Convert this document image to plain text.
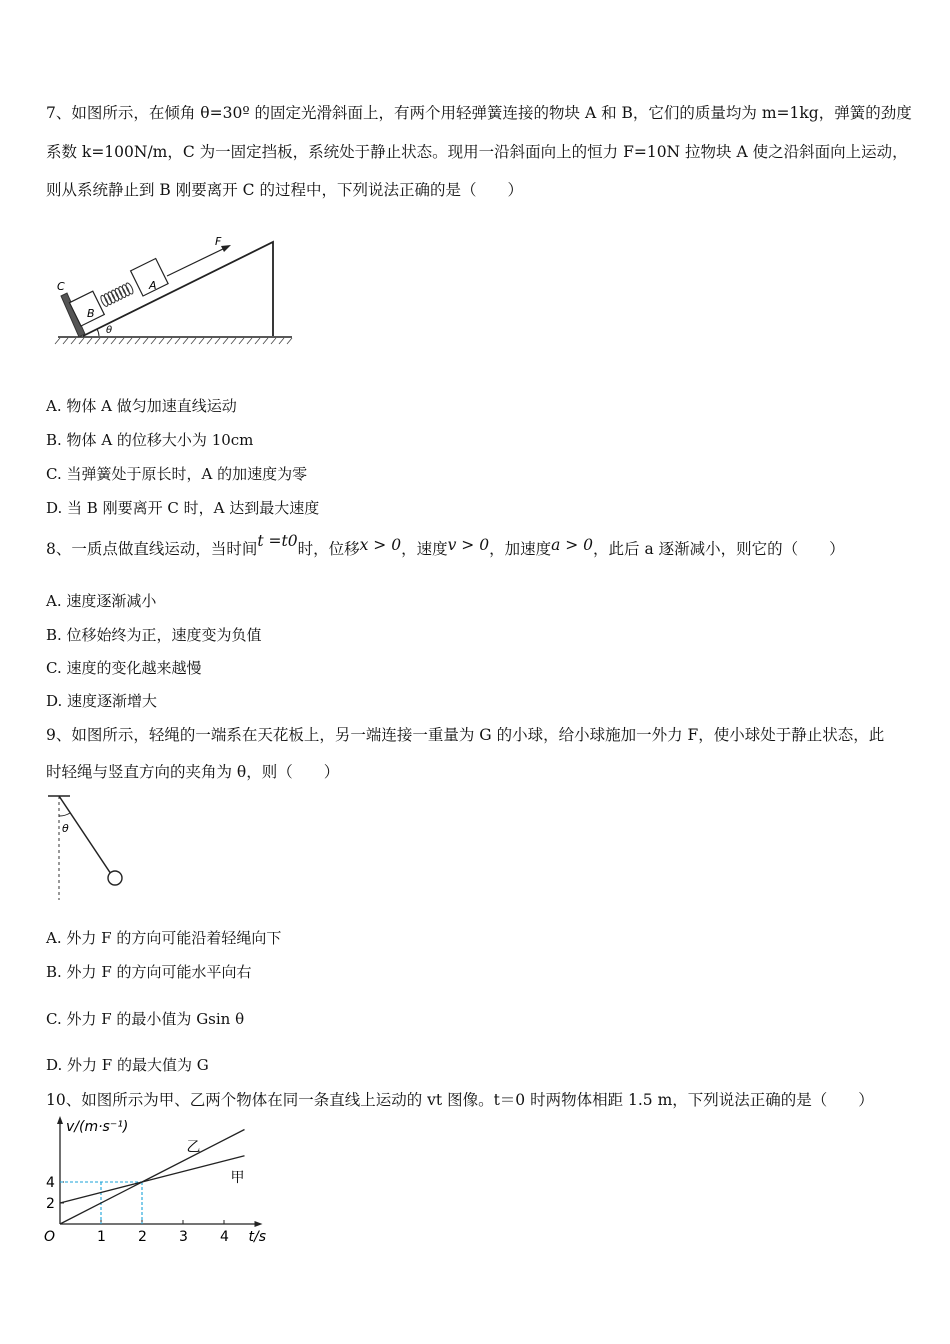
7、如图所示，在倾角 θ=30º 的固定光滑斜面上，有两个用轻弹簧连接的物块 A 和 B，它们的质量均为 m=1kg，弹簧的劲度
系数 k=100N/m，C 为一固定挡板，系统处于静止状态。现用一沿斜面向上的恒力 F=10N 拉物块 A 使之沿斜面向上运动，
则从系统静止到 B 刚要离开 C 的过程中，下列说法正确的是（　　）
C
B
A
F
θ
A. 物体 A 做匀加速直线运动
B. 物体 A 的位移大小为 10cm
C. 当弹簧处于原长时，A 的加速度为零
D. 当 B 刚要离开 C 时，A 达到最大速度
8、一质点做直线运动，当时间t =t0时，位移x > 0，速度v > 0，加速度a > 0，此后 a 逐渐减小，则它的（　　）
A. 速度逐渐减小
B. 位移始终为正，速度变为负值
C. 速度的变化越来越慢
D. 速度逐渐增大
9、如图所示，轻绳的一端系在天花板上，另一端连接一重量为 G 的小球，给小球施加一外力 F，使小球处于静止状态，此
时轻绳与竖直方向的夹角为 θ，则（　　）
θ
A. 外力 F 的方向可能沿着轻绳向下
B. 外力 F 的方向可能水平向右
C. 外力 F 的最小值为 Gsin θ
D. 外力 F 的最大值为 G
10、如图所示为甲、乙两个物体在同一条直线上运动的 vt 图像。t＝0 时两物体相距 1.5 m，下列说法正确的是（　　）
1 2 3 4
2
4
乙
甲
v/(m·s⁻¹)
t/s
O
